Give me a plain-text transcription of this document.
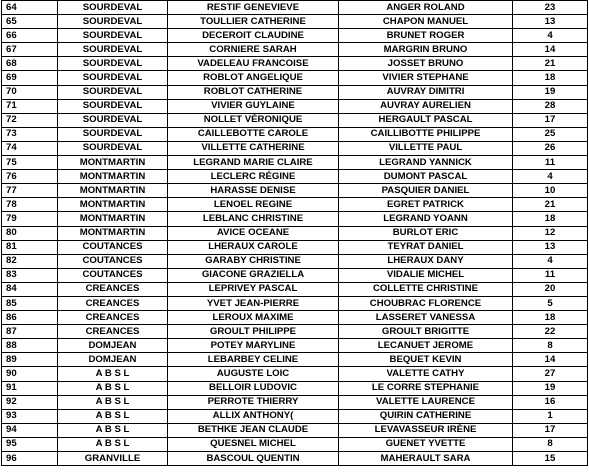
64	SOURDEVAL	RESTIF GENEVIEVE	ANGER ROLAND	23
65	SOURDEVAL	TOULLIER CATHERINE	CHAPON MANUEL	13
66	SOURDEVAL	DECEROIT CLAUDINE	BRUNET ROGER	4
67	SOURDEVAL	CORNIERE SARAH	MARGRIN BRUNO	14
68	SOURDEVAL	VADELEAU FRANCOISE	JOSSET BRUNO	21
69	SOURDEVAL	ROBLOT ANGELIQUE	VIVIER STEPHANE	18
70	SOURDEVAL	ROBLOT CATHERINE	AUVRAY DIMITRI	19
71	SOURDEVAL	VIVIER GUYLAINE	AUVRAY AURELIEN	28
72	SOURDEVAL	NOLLET VÉRONIQUE	HERGAULT PASCAL	17
73	SOURDEVAL	CAILLEBOTTE CAROLE	CAILLIBOTTE PHILIPPE	25
74	SOURDEVAL	VILLETTE CATHERINE	VILLETTE PAUL	26
75	MONTMARTIN	LEGRAND MARIE CLAIRE	LEGRAND YANNICK	11
76	MONTMARTIN	LECLERC RÉGINE	DUMONT PASCAL	4
77	MONTMARTIN	HARASSE DENISE	PASQUIER DANIEL	10
78	MONTMARTIN	LENOEL REGINE	EGRET PATRICK	21
79	MONTMARTIN	LEBLANC CHRISTINE	LEGRAND YOANN	18
80	MONTMARTIN	AVICE OCEANE	BURLOT ERIC	12
81	COUTANCES	LHERAUX CAROLE	TEYRAT DANIEL	13
82	COUTANCES	GARABY CHRISTINE	LHERAUX DANY	4
83	COUTANCES	GIACONE GRAZIELLA	VIDALIE MICHEL	11
84	CREANCES	LEPRIVEY PASCAL	COLLETTE CHRISTINE	20
85	CREANCES	YVET JEAN-PIERRE	CHOUBRAC FLORENCE	5
86	CREANCES	LEROUX MAXIME	LASSERET VANESSA	18
87	CREANCES	GROULT PHILIPPE	GROULT BRIGITTE	22
88	DOMJEAN	POTEY MARYLINE	LECANUET JEROME	8
89	DOMJEAN	LEBARBEY CELINE	BEQUET KEVIN	14
90	A B S L	AUGUSTE LOIC	VALETTE CATHY	27
91	A B S L	BELLOIR LUDOVIC	LE CORRE STEPHANIE	19
92	A B S L	PERROTE THIERRY	VALETTE LAURENCE	16
93	A B S L	ALLIX ANTHONY(	QUIRIN CATHERINE	1
94	A B S L	BETHKE JEAN CLAUDE	LEVAVASSEUR IRÈNE	17
95	A B S L	QUESNEL MICHEL	GUENET YVETTE	8
96	GRANVILLE	BASCOUL QUENTIN	MAHERAULT SARA	15
